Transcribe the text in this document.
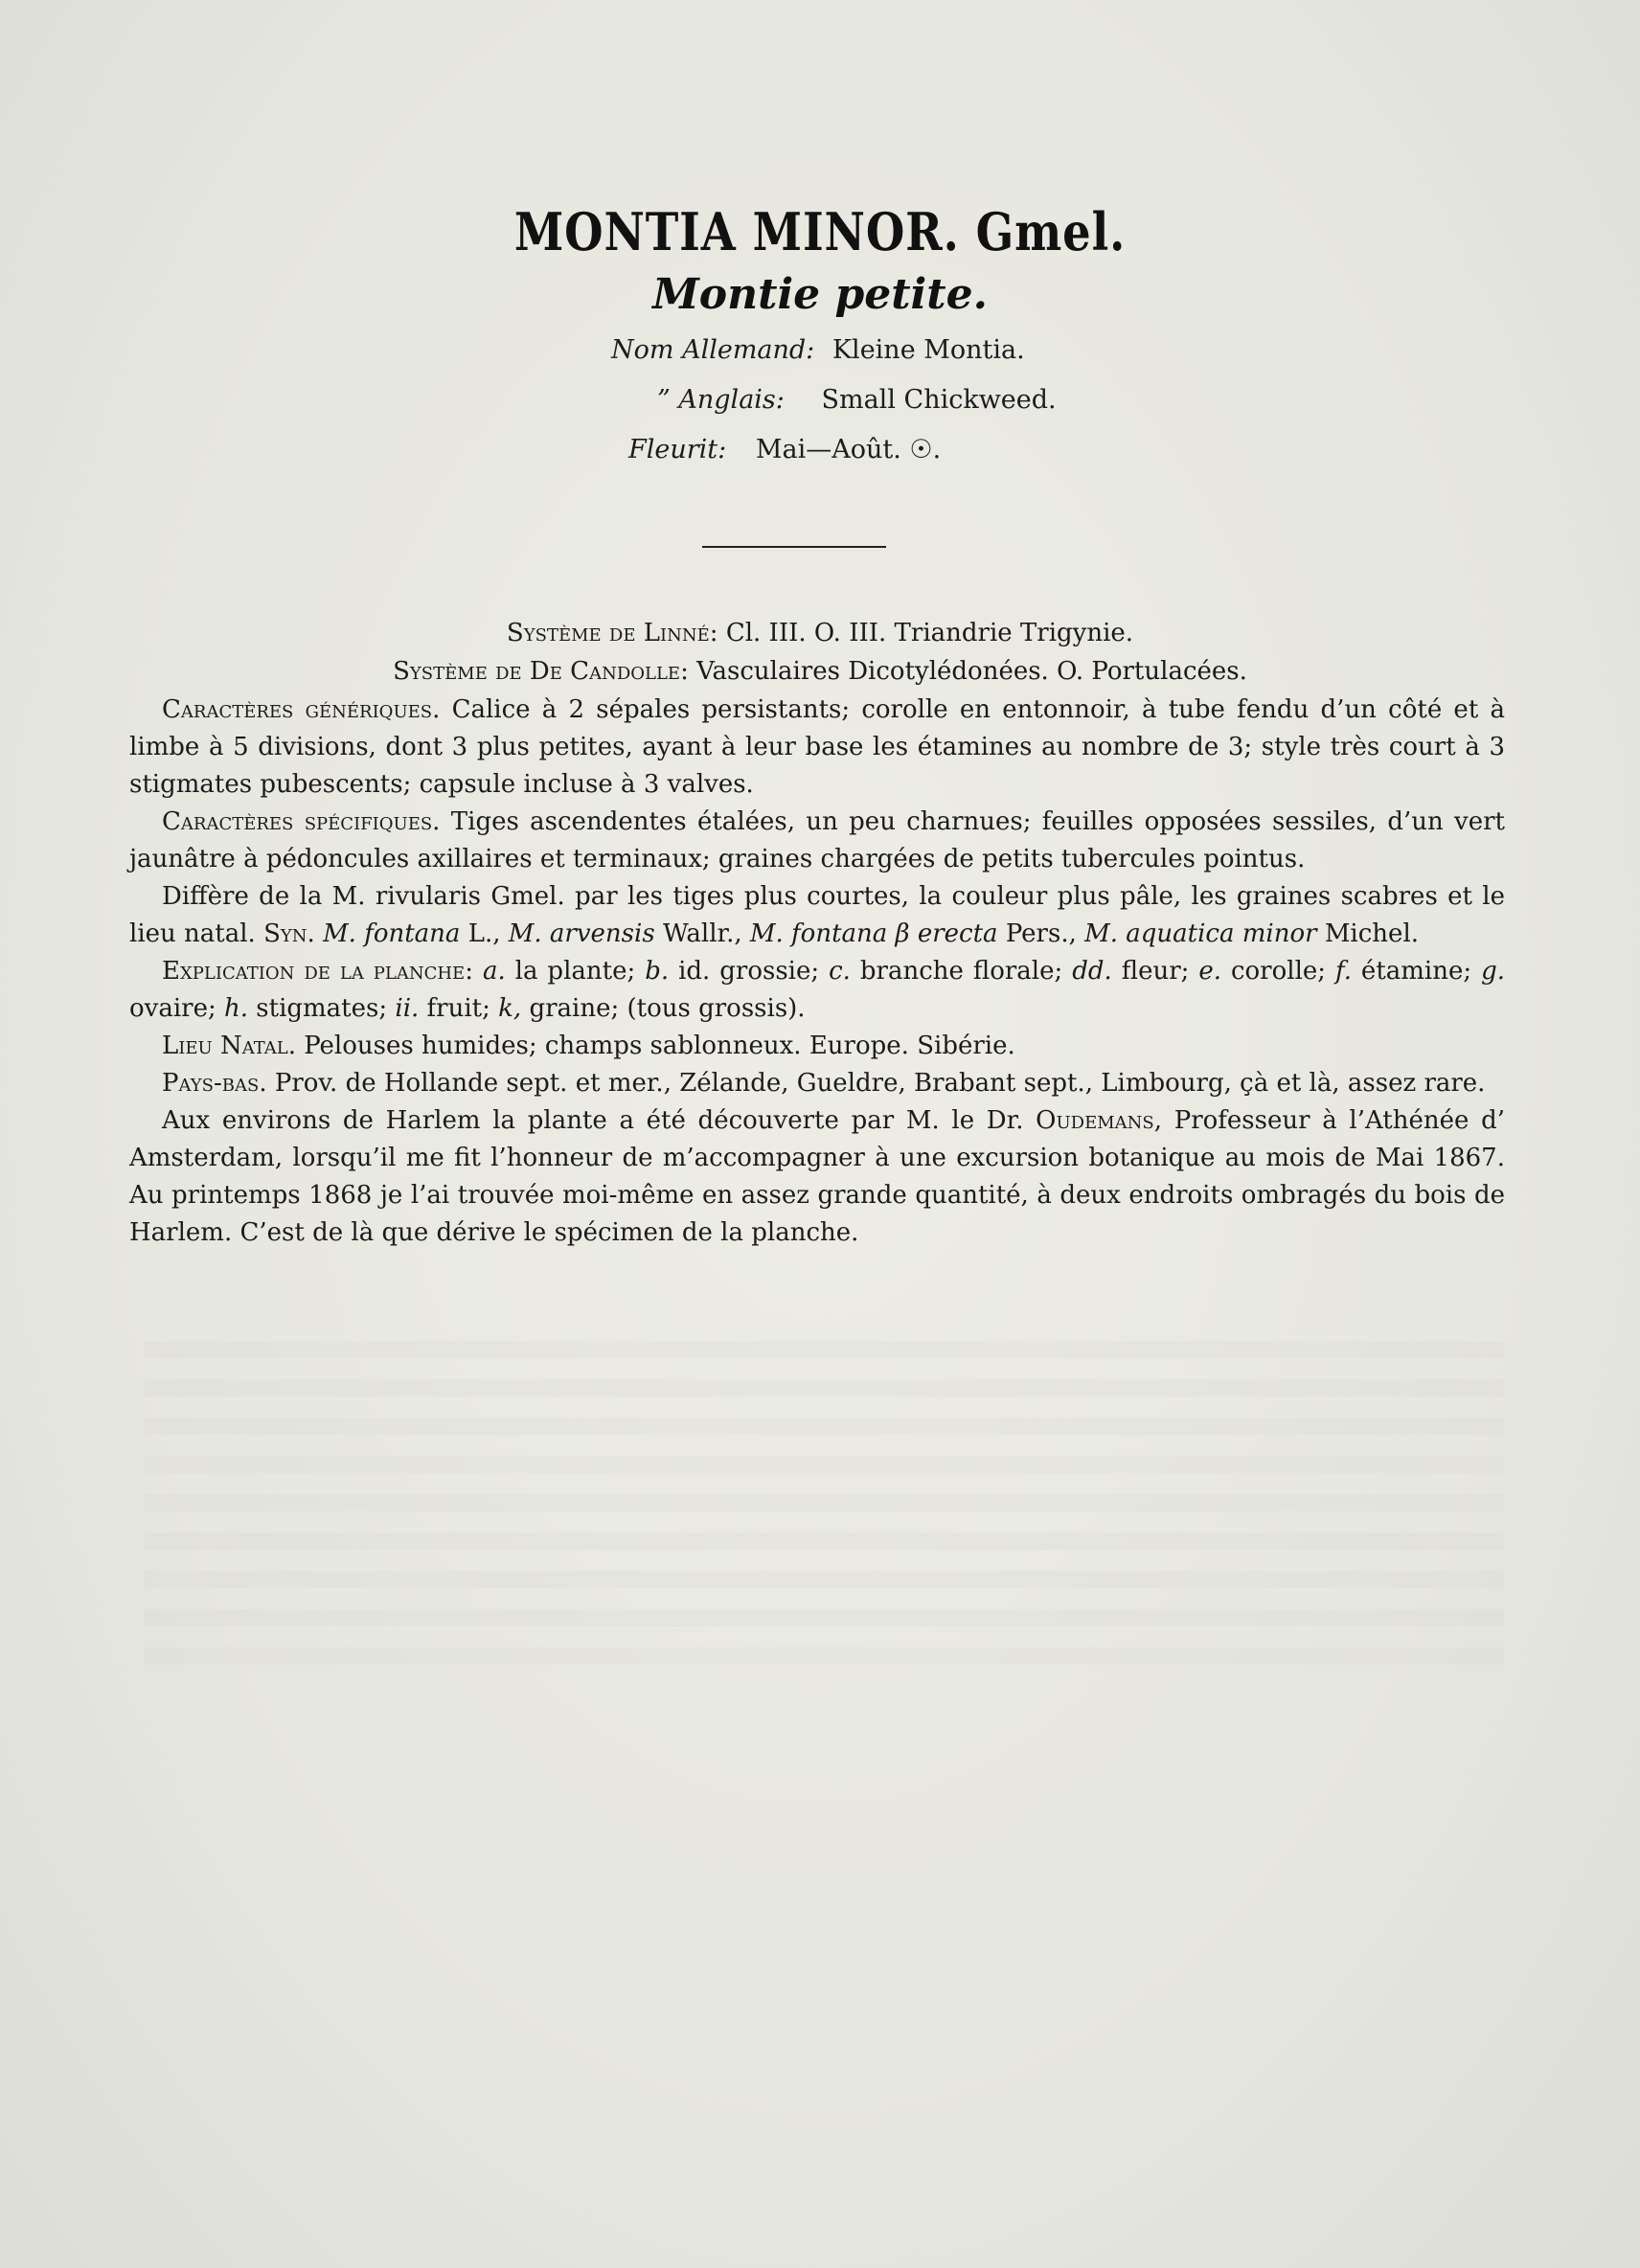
MONTIA MINOR. Gmel.
Montie petite.
Nom Allemand: Kleine Montia.
” Anglais: Small Chickweed.
Fleurit: Mai—Août. ☉.
Système de Linné: Cl. III. O. III. Triandrie Trigynie.
Système de De Candolle: Vasculaires Dicotylédonées. O. Portulacées.

Caractères génériques. Calice à 2 sépales persistants; corolle en entonnoir, à tube fendu d’un côté et à limbe à 5 divisions, dont 3 plus petites, ayant à leur base les étamines au nombre de 3; style très court à 3 stigmates pubescents; capsule incluse à 3 valves.

Caractères spécifiques. Tiges ascendentes étalées, un peu charnues; feuilles opposées sessiles, d’un vert jaunâtre à pédoncules axillaires et terminaux; graines chargées de petits tubercules pointus.

Diffère de la M. rivularis Gmel. par les tiges plus courtes, la couleur plus pâle, les graines scabres et le lieu natal. Syn. M. fontana L., M. arvensis Wallr., M. fontana β erecta Pers., M. aquatica minor Michel.

Explication de la planche: a. la plante; b. id. grossie; c. branche florale; dd. fleur; e. corolle; f. étamine; g. ovaire; h. stigmates; ii. fruit; k, graine; (tous grossis).

Lieu Natal. Pelouses humides; champs sablonneux. Europe. Sibérie.

Pays-bas. Prov. de Hollande sept. et mer., Zélande, Gueldre, Brabant sept., Limbourg, çà et là, assez rare.

Aux environs de Harlem la plante a été découverte par M. le Dr. Oudemans, Professeur à l’Athénée d’ Amsterdam, lorsqu’il me fit l’honneur de m’accompagner à une excursion botanique au mois de Mai 1867. Au printemps 1868 je l’ai trouvée moi-même en assez grande quantité, à deux endroits ombragés du bois de Harlem. C’est de là que dérive le spécimen de la planche.
